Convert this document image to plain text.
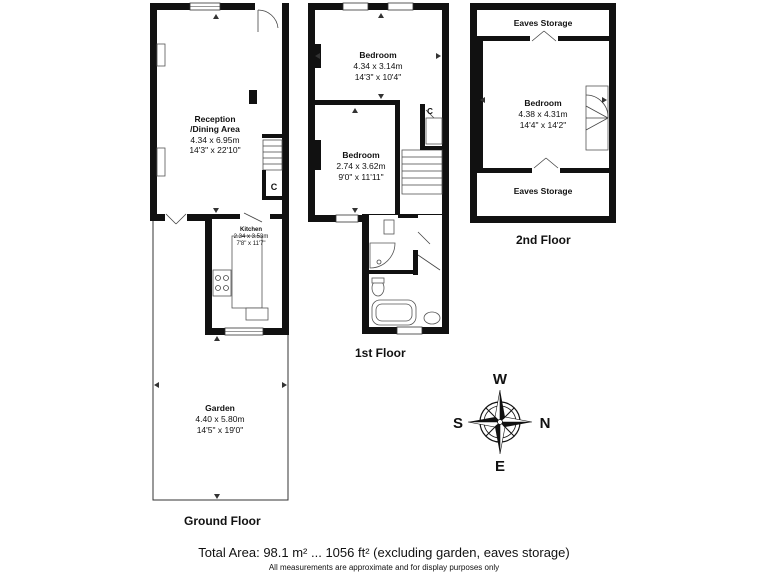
Reception
/Dining Area
4.34 x 6.95m
14'3" x 22'10"
C
Kitchen
2.34 x 3.53m
7'8" x 11'7"
Garden
4.40 x 5.80m
14'5" x 19'0"
Bedroom
4.34 x 3.14m
14'3" x 10'4"
C
Bedroom
2.74 x 3.62m
9'0" x 11'11"
Eaves Storage
Bedroom
4.38 x 4.31m
14'4" x 14'2"
Eaves Storage
W
S	N
E
Ground Floor
1st Floor
2nd Floor
Total Area: 98.1 m² ... 1056 ft² (excluding garden, eaves storage)
All measurements are approximate and for display purposes only
